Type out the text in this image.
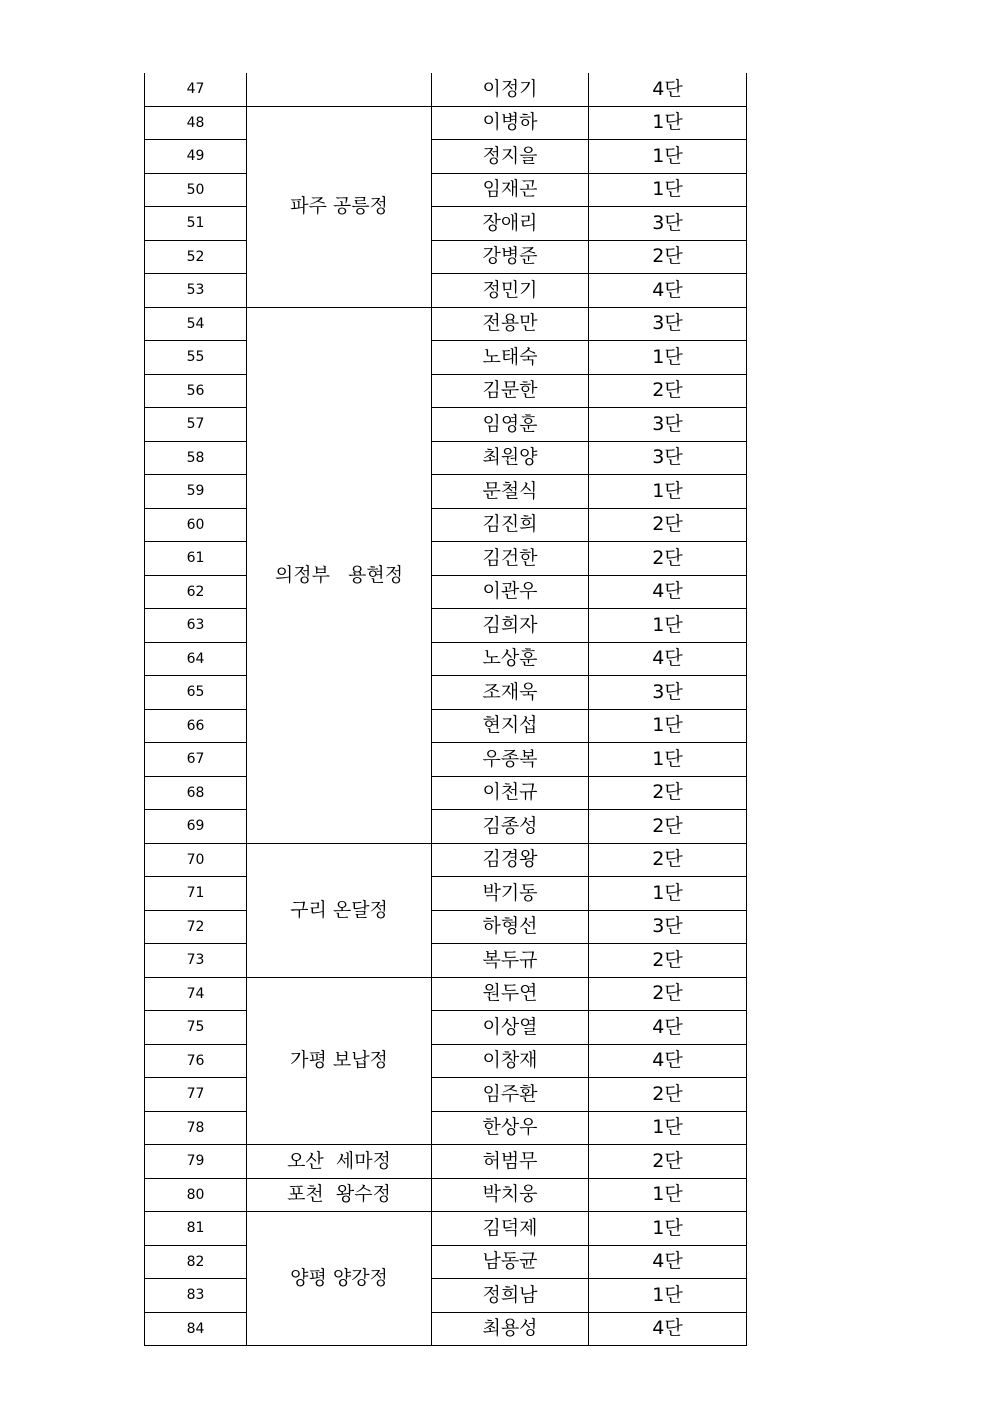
47		이정기	4단
48	파주 공릉정	이병하	1단
49		정지을	1단
50		임재곤	1단
51		장애리	3단
52		강병준	2단
53		정민기	4단
54	의정부   용현정	전용만	3단
55		노태숙	1단
56		김문한	2단
57		임영훈	3단
58		최원양	3단
59		문철식	1단
60		김진희	2단
61		김건한	2단
62		이관우	4단
63		김희자	1단
64		노상훈	4단
65		조재욱	3단
66		현지섭	1단
67		우종복	1단
68		이천규	2단
69		김종성	2단
70	구리 온달정	김경왕	2단
71		박기동	1단
72		하형선	3단
73		복두규	2단
74	가평 보납정	원두연	2단
75		이상열	4단
76		이창재	4단
77		임주환	2단
78		한상우	1단
79	오산  세마정	허범무	2단
80	포천  왕수정	박치웅	1단
81	양평 양강정	김덕제	1단
82		남동균	4단
83		정희남	1단
84		최용성	4단
